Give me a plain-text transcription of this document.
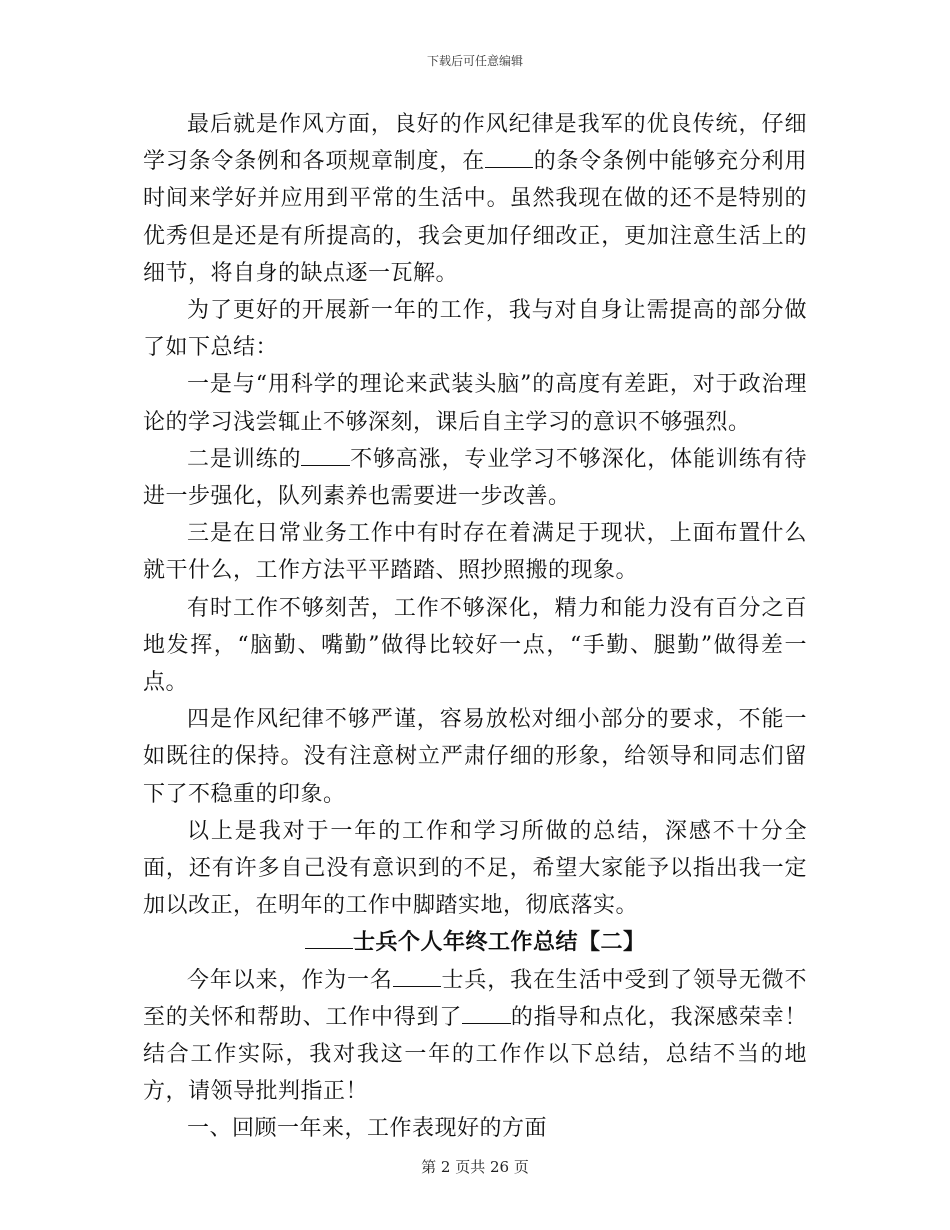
下载后可任意编辑

最后就是作风方面，良好的作风纪律是我军的优良传统，仔细学习条令条例和各项规章制度，在 的条令条例中能够充分利用时间来学好并应用到平常的生活中。虽然我现在做的还不是特别的优秀但是还是有所提高的，我会更加仔细改正，更加注意生活上的细节，将自身的缺点逐一瓦解。

为了更好的开展新一年的工作，我与对自身让需提高的部分做了如下总结：

一是与“用科学的理论来武装头脑”的高度有差距，对于政治理论的学习浅尝辄止不够深刻，课后自主学习的意识不够强烈。

二是训练的 不够高涨，专业学习不够深化，体能训练有待进一步强化，队列素养也需要进一步改善。

三是在日常业务工作中有时存在着满足于现状，上面布置什么就干什么，工作方法平平踏踏、照抄照搬的现象。

有时工作不够刻苦，工作不够深化，精力和能力没有百分之百地发挥，“脑勤、嘴勤”做得比较好一点，“手勤、腿勤”做得差一点。

四是作风纪律不够严谨，容易放松对细小部分的要求，不能一如既往的保持。没有注意树立严肃仔细的形象，给领导和同志们留下了不稳重的印象。

以上是我对于一年的工作和学习所做的总结，深感不十分全面，还有许多自己没有意识到的不足，希望大家能予以指出我一定加以改正，在明年的工作中脚踏实地，彻底落实。

士兵个人年终工作总结【二】

今年以来，作为一名 士兵，我在生活中受到了领导无微不至的关怀和帮助、工作中得到了 的指导和点化，我深感荣幸！结合工作实际，我对我这一年的工作作以下总结，总结不当的地方，请领导批判指正！

一、回顾一年来，工作表现好的方面

第 2 页共 26 页
